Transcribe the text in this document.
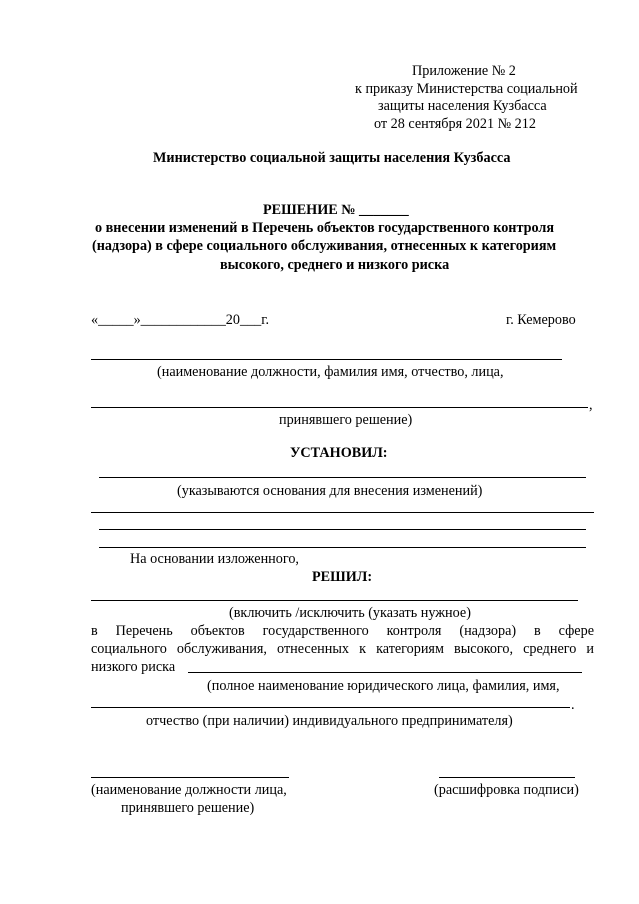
Приложение № 2
к приказу Министерства социальной
защиты населения Кузбасса
от 28 сентября 2021 № 212
Министерство социальной защиты населения Кузбасса
РЕШЕНИЕ № _______
о внесении изменений в Перечень объектов государственного контроля
(надзора) в сфере социального обслуживания, отнесенных к категориям
высокого, среднего и низкого риска
«_____»____________20___г.	г. Кемерово
(наименование должности, фамилия имя, отчество, лица,
,
принявшего решение)
УСТАНОВИЛ:
(указываются основания для внесения изменений)
На основании изложенного,
РЕШИЛ:
(включить /исключить (указать нужное)
в Перечень объектов государственного контроля (надзора) в сфере
социального обслуживания, отнесенных к категориям высокого, среднего и
низкого риска
(полное наименование юридического лица, фамилия, имя,
.
отчество (при наличии) индивидуального предпринимателя)
(наименование должности лица,	(расшифровка подписи)
принявшего решение)
